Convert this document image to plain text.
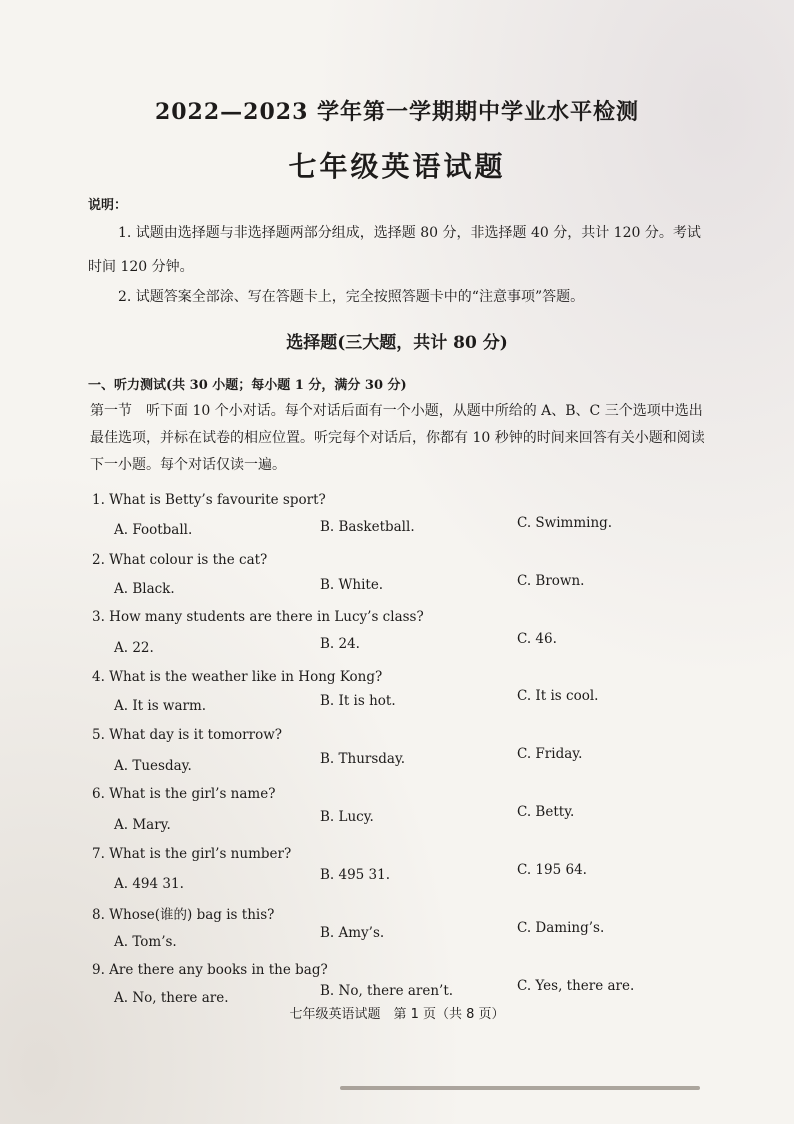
2022—2023 学年第一学期期中学业水平检测
七年级英语试题
说明：
1. 试题由选择题与非选择题两部分组成，选择题 80 分，非选择题 40 分，共计 120 分。考试
时间 120 分钟。
2. 试题答案全部涂、写在答题卡上，完全按照答题卡中的“注意事项”答题。
选择题(三大题，共计 80 分)
一、听力测试(共 30 小题；每小题 1 分，满分 30 分)
第一节　听下面 10 个小对话。每个对话后面有一个小题，从题中所给的 A、B、C 三个选项中选出最佳选项，并标在试卷的相应位置。听完每个对话后，你都有 10 秒钟的时间来回答有关小题和阅读下一小题。每个对话仅读一遍。
1. What is Betty’s favourite sport?
A. Football.	B. Basketball.	C. Swimming.
2. What colour is the cat?
A. Black.	B. White.	C. Brown.
3. How many students are there in Lucy’s class?
A. 22.	B. 24.	C. 46.
4. What is the weather like in Hong Kong?
A. It is warm.	B. It is hot.	C. It is cool.
5. What day is it tomorrow?
A. Tuesday.	B. Thursday.	C. Friday.
6. What is the girl’s name?
A. Mary.	B. Lucy.	C. Betty.
7. What is the girl’s number?
A. 494 31.
B. 495 31.	C. 195 64.
8. Whose(谁的) bag is this?
A. Tom’s.
B. Amy’s.	C. Daming’s.
9. Are there any books in the bag?
A. No, there are.	B. No, there aren’t.	C. Yes, there are.
七年级英语试题　第 1 页（共 8 页）
